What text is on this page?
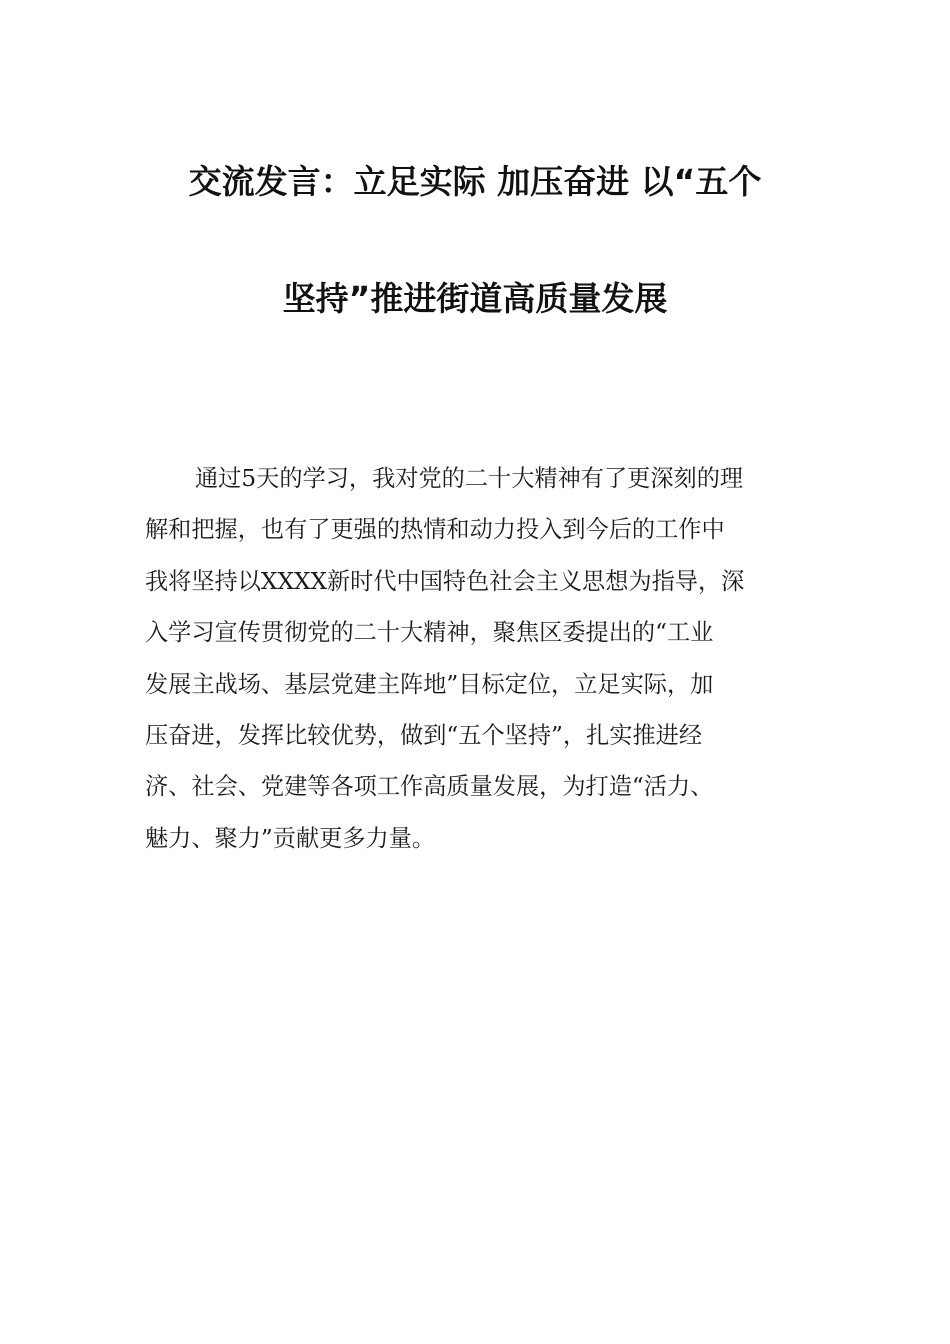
交流发言：立足实际 加压奋进 以“五个
坚持”推进街道高质量发展
通过5天的学习，我对党的二十大精神有了更深刻的理
解和把握，也有了更强的热情和动力投入到今后的工作中
我将坚持以XXXX新时代中国特色社会主义思想为指导，深
入学习宣传贯彻党的二十大精神，聚焦区委提出的“工业
发展主战场、基层党建主阵地”目标定位，立足实际，加
压奋进，发挥比较优势，做到“五个坚持”，扎实推进经
济、社会、党建等各项工作高质量发展，为打造“活力、
魅力、聚力”贡献更多力量。
